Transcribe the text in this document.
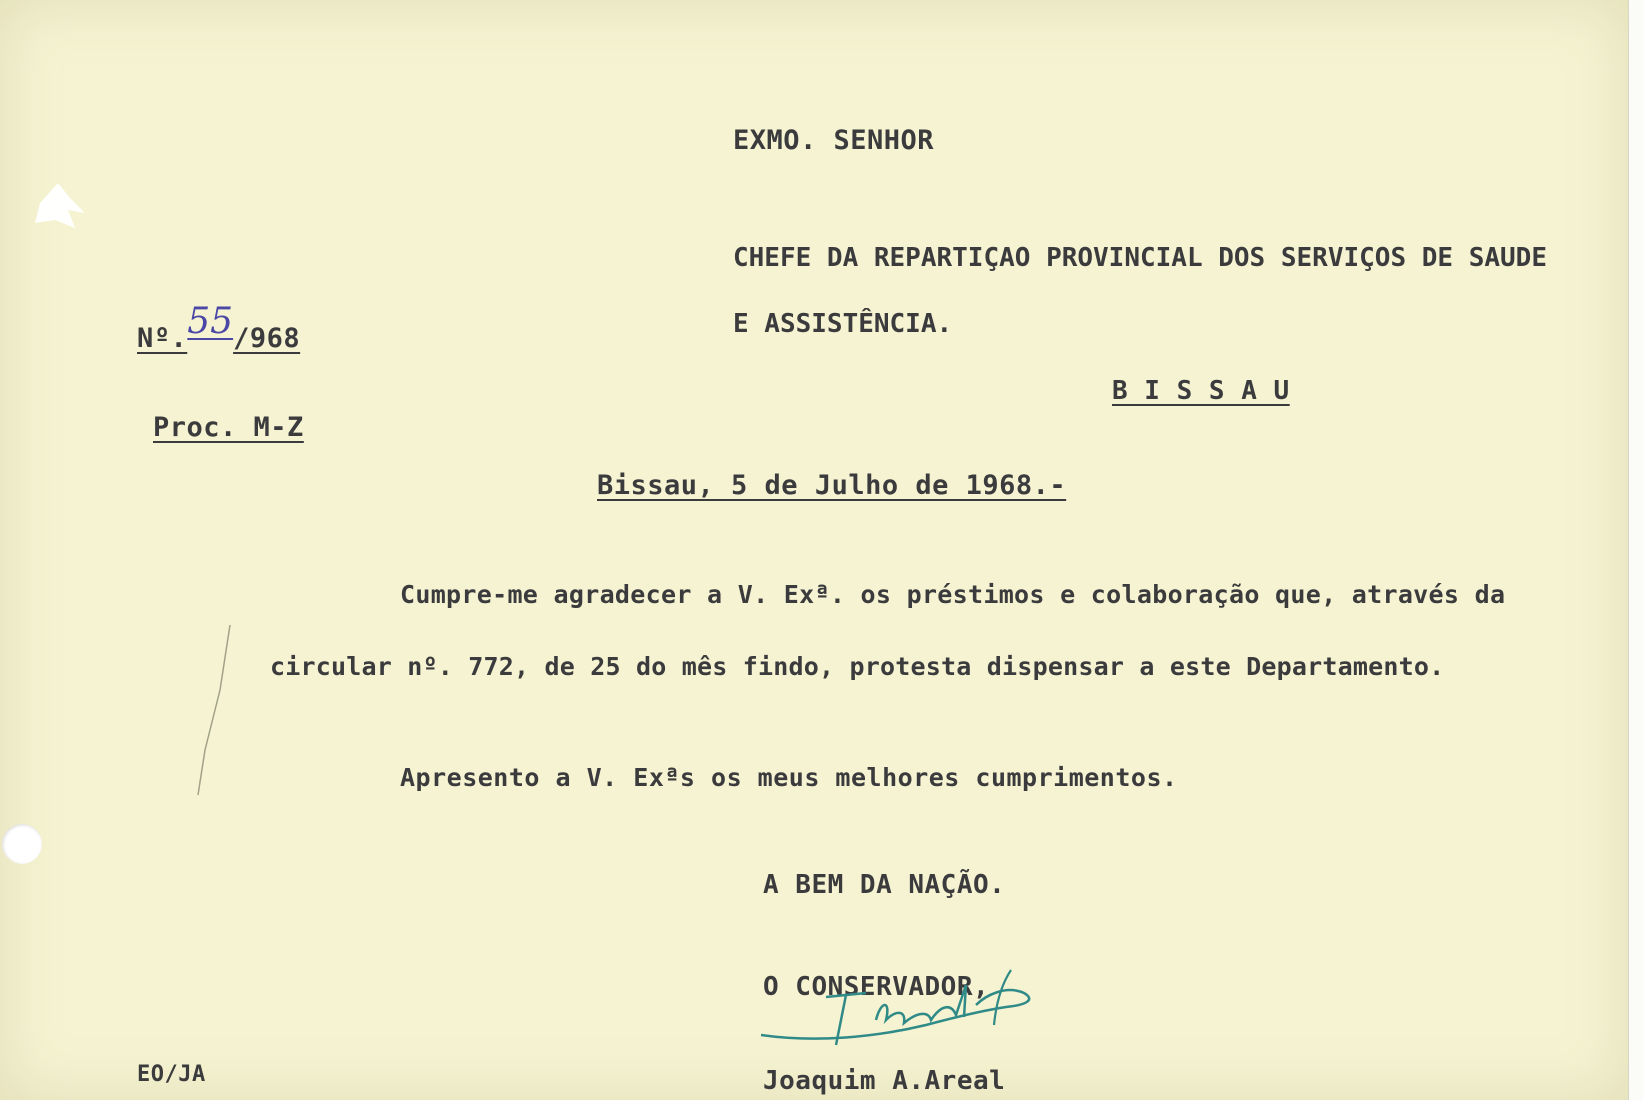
EXMO. SENHOR
CHEFE DA REPARTIÇAO PROVINCIAL DOS SERVIÇOS DE SAUDE
E ASSISTÊNCIA.
B I S S A U
Nº.55/968
Proc. M-Z
Bissau, 5 de Julho de 1968.-
Cumpre-me agradecer a V. Exª. os préstimos e colaboração que, através da
circular nº. 772, de 25 do mês findo, protesta dispensar a este Departamento.
Apresento a V. Exªs os meus melhores cumprimentos.
A BEM DA NAÇÃO.
O CONSERVADOR,
Joaquim A.Areal
EO/JA
